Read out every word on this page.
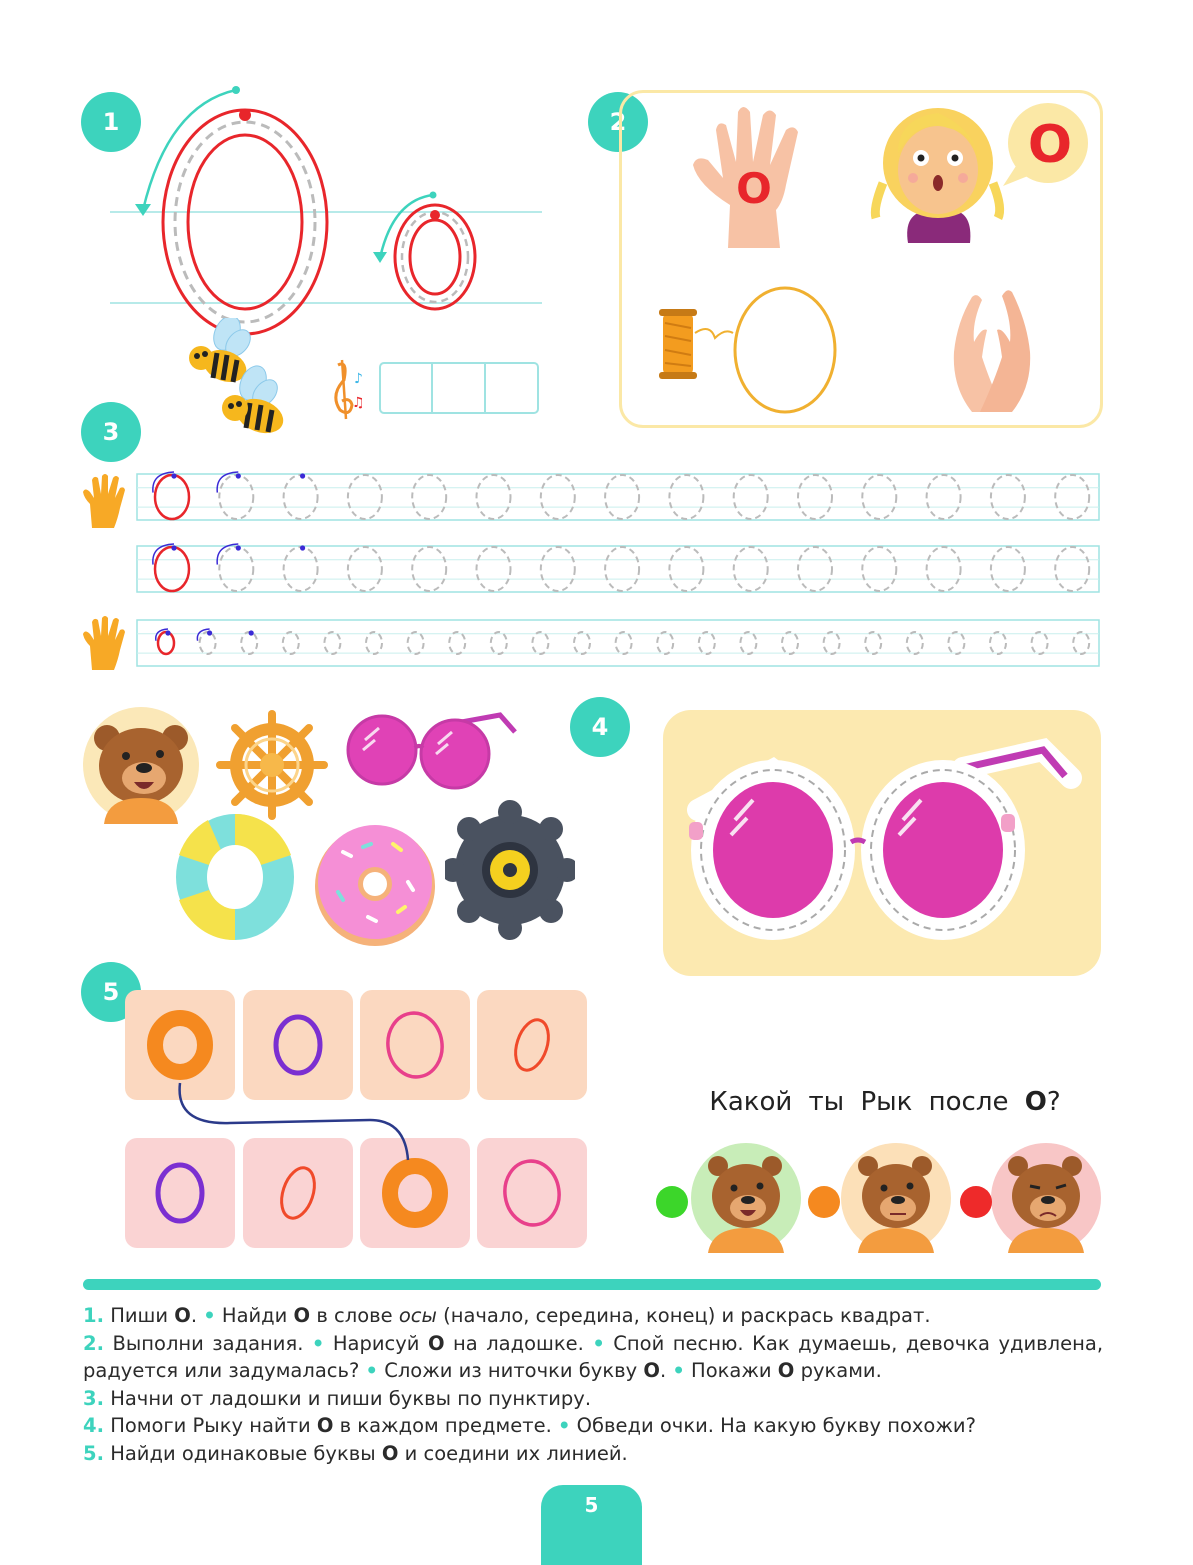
1	2
3
4
5
♪
♫
О
О
Какой ты Рык после О?

1. Пиши О. • Найди О в слове осы (начало, середина, конец) и раскрась квадрат.

2. Выполни задания. • Нарисуй О на ладошке. • Спой песню. Как думаешь, девочка удивлена, радуется или задумалась? • Сложи из ниточки букву О. • Покажи О руками.

3. Начни от ладошки и пиши буквы по пунктиру.

4. Помоги Рыку найти О в каждом предмете. • Обведи очки. На какую букву похожи?

5. Найди одинаковые буквы О и соедини их линией.

5
